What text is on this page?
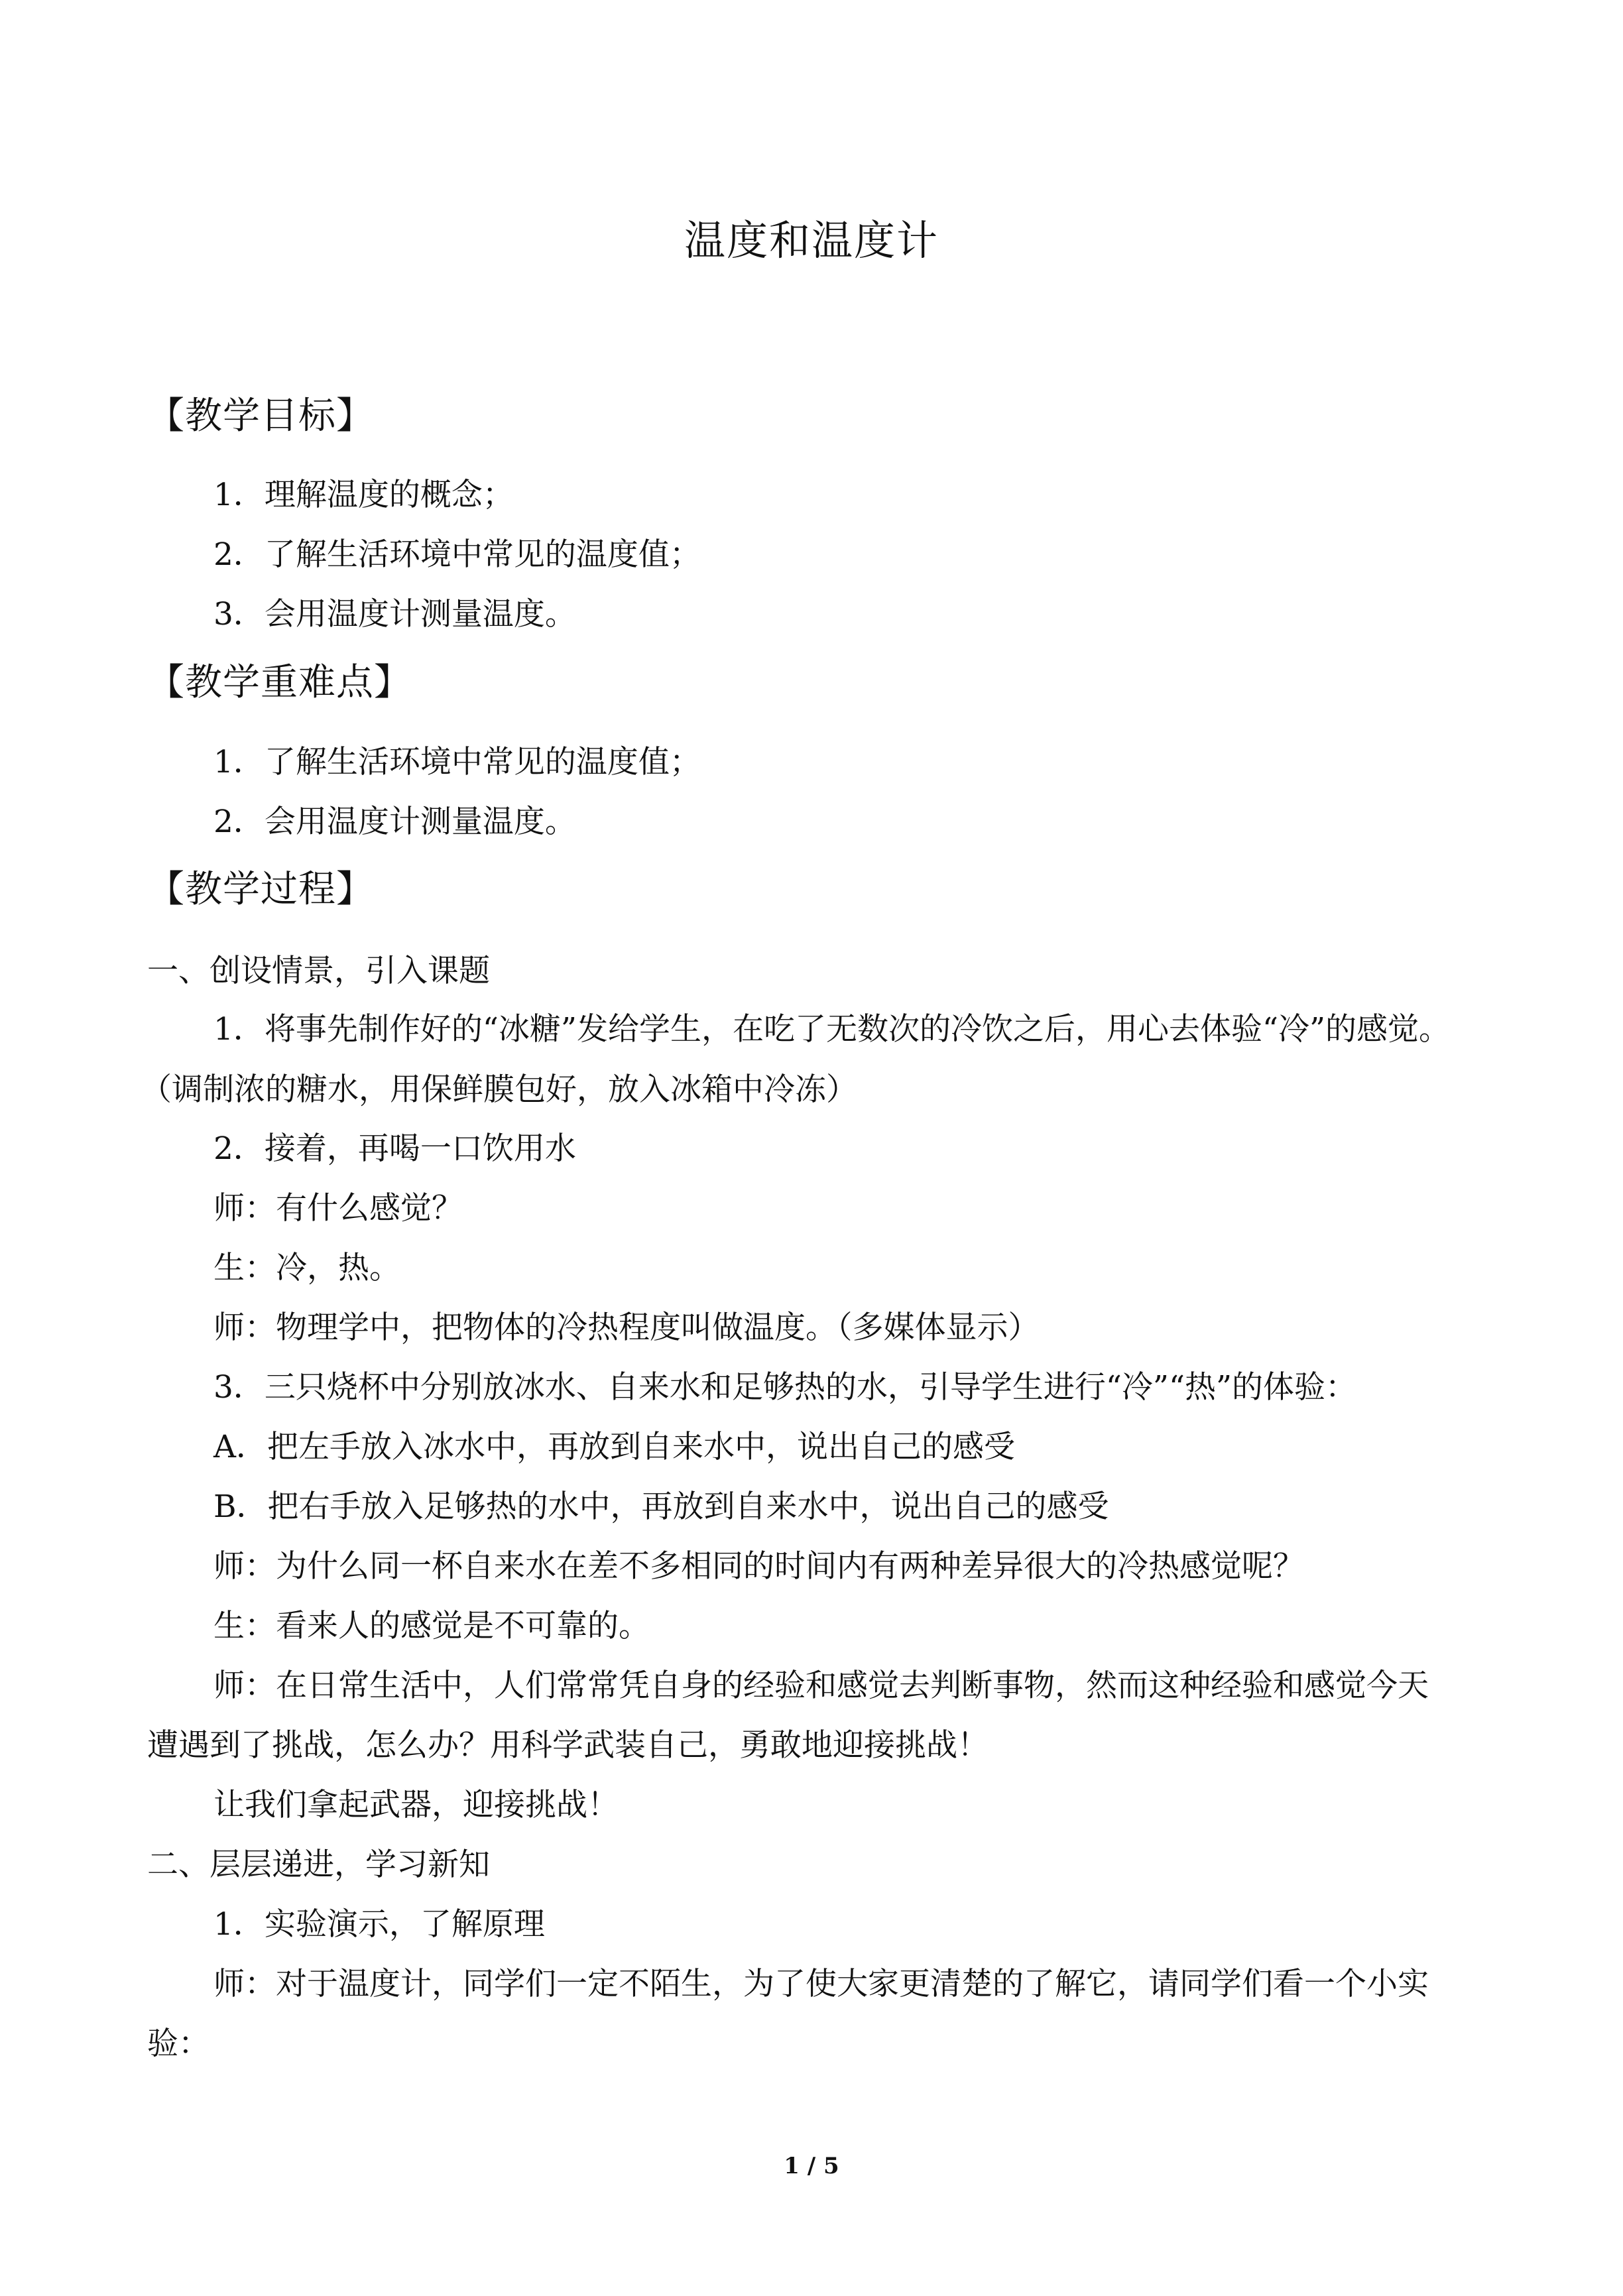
温度和温度计
【教学目标】
1．理解温度的概念；
2．了解生活环境中常见的温度值；
3．会用温度计测量温度。
【教学重难点】
1．了解生活环境中常见的温度值；
2．会用温度计测量温度。
【教学过程】
一、创设情景，引入课题
1．将事先制作好的“冰糖”发给学生，在吃了无数次的冷饮之后，用心去体验“冷”的感觉。
（调制浓的糖水，用保鲜膜包好，放入冰箱中冷冻）
2．接着，再喝一口饮用水
师：有什么感觉？
生：冷，热。
师：物理学中，把物体的冷热程度叫做温度。（多媒体显示）
3．三只烧杯中分别放冰水、自来水和足够热的水，引导学生进行“冷”“热”的体验：
A．把左手放入冰水中，再放到自来水中，说出自己的感受
B．把右手放入足够热的水中，再放到自来水中，说出自己的感受
师：为什么同一杯自来水在差不多相同的时间内有两种差异很大的冷热感觉呢？
生：看来人的感觉是不可靠的。
师：在日常生活中，人们常常凭自身的经验和感觉去判断事物，然而这种经验和感觉今天
遭遇到了挑战，怎么办？用科学武装自己，勇敢地迎接挑战！
让我们拿起武器，迎接挑战！
二、层层递进，学习新知
1．实验演示，了解原理
师：对于温度计，同学们一定不陌生，为了使大家更清楚的了解它，请同学们看一个小实
验：
1 / 5
